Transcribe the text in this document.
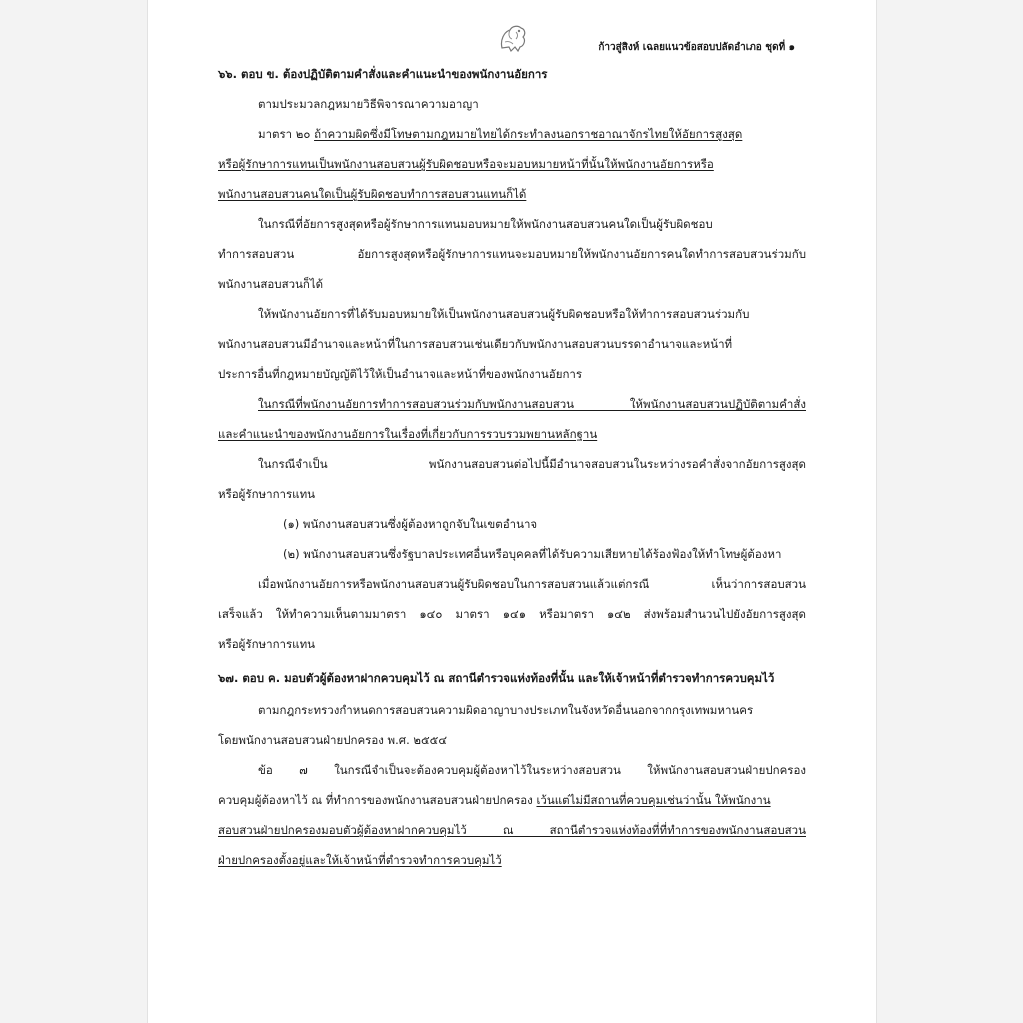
ก้าวสู่สิงห์ เฉลยแนวข้อสอบปลัดอำเภอ ชุดที่ ๑
๖๖. ตอบ ข. ต้องปฏิบัติตามคำสั่งและคำแนะนำของพนักงานอัยการ
ตามประมวลกฎหมายวิธีพิจารณาความอาญา
มาตรา ๒๐ ถ้าความผิดซึ่งมีโทษตามกฎหมายไทยได้กระทำลงนอกราชอาณาจักรไทยให้อัยการสูงสุด
หรือผู้รักษาการแทนเป็นพนักงานสอบสวนผู้รับผิดชอบหรือจะมอบหมายหน้าที่นั้นให้พนักงานอัยการหรือ
พนักงานสอบสวนคนใดเป็นผู้รับผิดชอบทำการสอบสวนแทนก็ได้
ในกรณีที่อัยการสูงสุดหรือผู้รักษาการแทนมอบหมายให้พนักงานสอบสวนคนใดเป็นผู้รับผิดชอบ
ทำการสอบสวน อัยการสูงสุดหรือผู้รักษาการแทนจะมอบหมายให้พนักงานอัยการคนใดทำการสอบสวนร่วมกับ
พนักงานสอบสวนก็ได้
ให้พนักงานอัยการที่ได้รับมอบหมายให้เป็นพนักงานสอบสวนผู้รับผิดชอบหรือให้ทำการสอบสวนร่วมกับ
พนักงานสอบสวนมีอำนาจและหน้าที่ในการสอบสวนเช่นเดียวกับพนักงานสอบสวนบรรดาอำนาจและหน้าที่
ประการอื่นที่กฎหมายบัญญัติไว้ให้เป็นอำนาจและหน้าที่ของพนักงานอัยการ
ในกรณีที่พนักงานอัยการทำการสอบสวนร่วมกับพนักงานสอบสวน ให้พนักงานสอบสวนปฏิบัติตามคำสั่ง
และคำแนะนำของพนักงานอัยการในเรื่องที่เกี่ยวกับการรวบรวมพยานหลักฐาน
ในกรณีจำเป็น พนักงานสอบสวนต่อไปนี้มีอำนาจสอบสวนในระหว่างรอคำสั่งจากอัยการสูงสุด
หรือผู้รักษาการแทน
(๑) พนักงานสอบสวนซึ่งผู้ต้องหาถูกจับในเขตอำนาจ
(๒) พนักงานสอบสวนซึ่งรัฐบาลประเทศอื่นหรือบุคคลที่ได้รับความเสียหายได้ร้องฟ้องให้ทำโทษผู้ต้องหา
เมื่อพนักงานอัยการหรือพนักงานสอบสวนผู้รับผิดชอบในการสอบสวนแล้วแต่กรณี เห็นว่าการสอบสวน
เสร็จแล้ว ให้ทำความเห็นตามมาตรา ๑๔๐ มาตรา ๑๔๑ หรือมาตรา ๑๔๒ ส่งพร้อมสำนวนไปยังอัยการสูงสุด
หรือผู้รักษาการแทน
๖๗. ตอบ ค. มอบตัวผู้ต้องหาฝากควบคุมไว้ ณ สถานีตำรวจแห่งท้องที่นั้น และให้เจ้าหน้าที่ตำรวจทำการควบคุมไว้
ตามกฎกระทรวงกำหนดการสอบสวนความผิดอาญาบางประเภทในจังหวัดอื่นนอกจากกรุงเทพมหานคร
โดยพนักงานสอบสวนฝ่ายปกครอง พ.ศ. ๒๕๕๔
ข้อ ๗ ในกรณีจำเป็นจะต้องควบคุมผู้ต้องหาไว้ในระหว่างสอบสวน ให้พนักงานสอบสวนฝ่ายปกครอง
ควบคุมผู้ต้องหาไว้ ณ ที่ทำการของพนักงานสอบสวนฝ่ายปกครอง เว้นแต่ไม่มีสถานที่ควบคุมเช่นว่านั้น ให้พนักงาน
สอบสวนฝ่ายปกครองมอบตัวผู้ต้องหาฝากควบคุมไว้ ณ สถานีตำรวจแห่งท้องที่ที่ทำการของพนักงานสอบสวน
ฝ่ายปกครองตั้งอยู่และให้เจ้าหน้าที่ตำรวจทำการควบคุมไว้
